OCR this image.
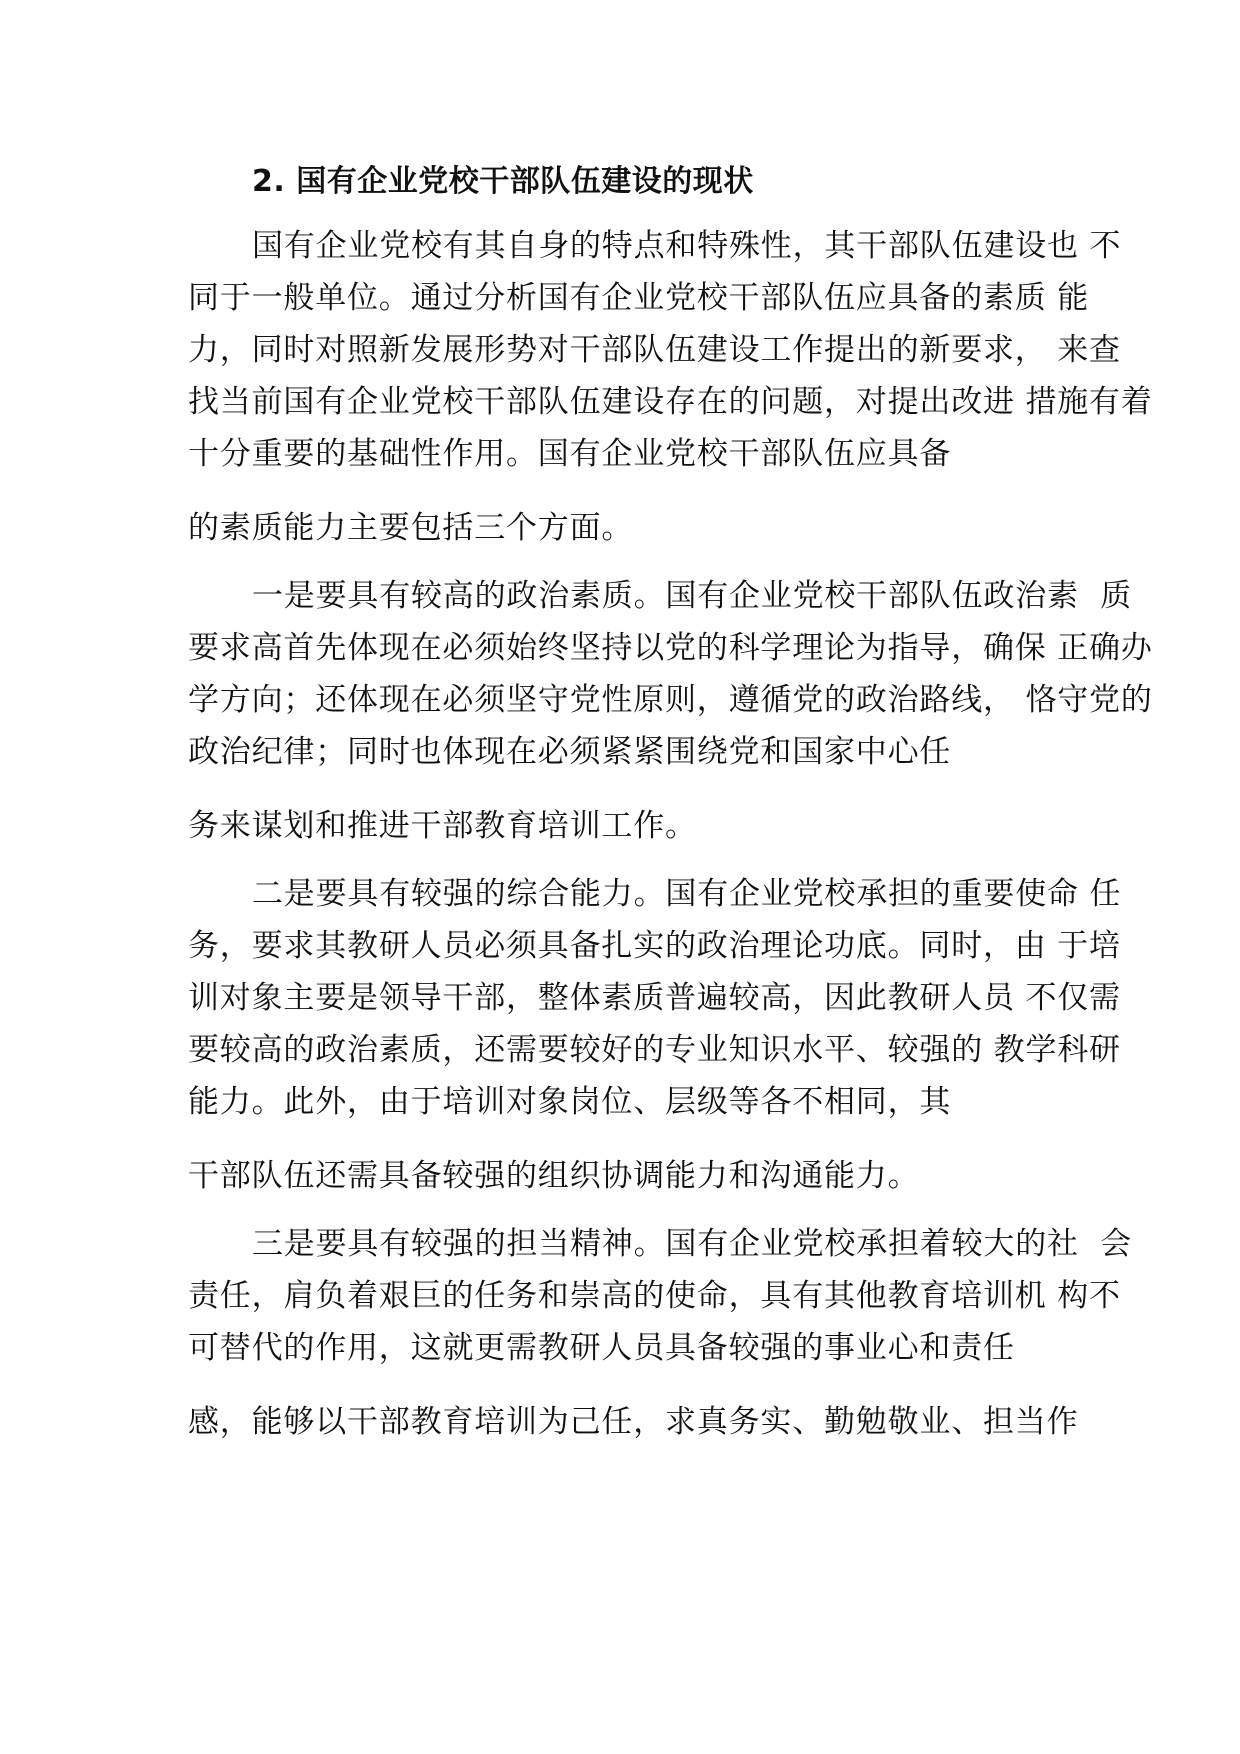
2. 国有企业党校干部队伍建设的现状
国有企业党校有其自身的特点和特殊性，其干部队伍建设也 不
同于一般单位。通过分析国有企业党校干部队伍应具备的素质 能
力，同时对照新发展形势对干部队伍建设工作提出的新要求， 来查
找当前国有企业党校干部队伍建设存在的问题，对提出改进 措施有着
十分重要的基础性作用。国有企业党校干部队伍应具备
的素质能力主要包括三个方面。
一是要具有较高的政治素质。国有企业党校干部队伍政治素  质
要求高首先体现在必须始终坚持以党的科学理论为指导，确保 正确办
学方向；还体现在必须坚守党性原则，遵循党的政治路线， 恪守党的
政治纪律；同时也体现在必须紧紧围绕党和国家中心任
务来谋划和推进干部教育培训工作。
二是要具有较强的综合能力。国有企业党校承担的重要使命 任
务，要求其教研人员必须具备扎实的政治理论功底。同时，由 于培
训对象主要是领导干部，整体素质普遍较高，因此教研人员 不仅需
要较高的政治素质，还需要较好的专业知识水平、较强的 教学科研
能力。此外，由于培训对象岗位、层级等各不相同，其
干部队伍还需具备较强的组织协调能力和沟通能力。
三是要具有较强的担当精神。国有企业党校承担着较大的社  会
责任，肩负着艰巨的任务和崇高的使命，具有其他教育培训机 构不
可替代的作用，这就更需教研人员具备较强的事业心和责任
感，能够以干部教育培训为己任，求真务实、勤勉敬业、担当作
